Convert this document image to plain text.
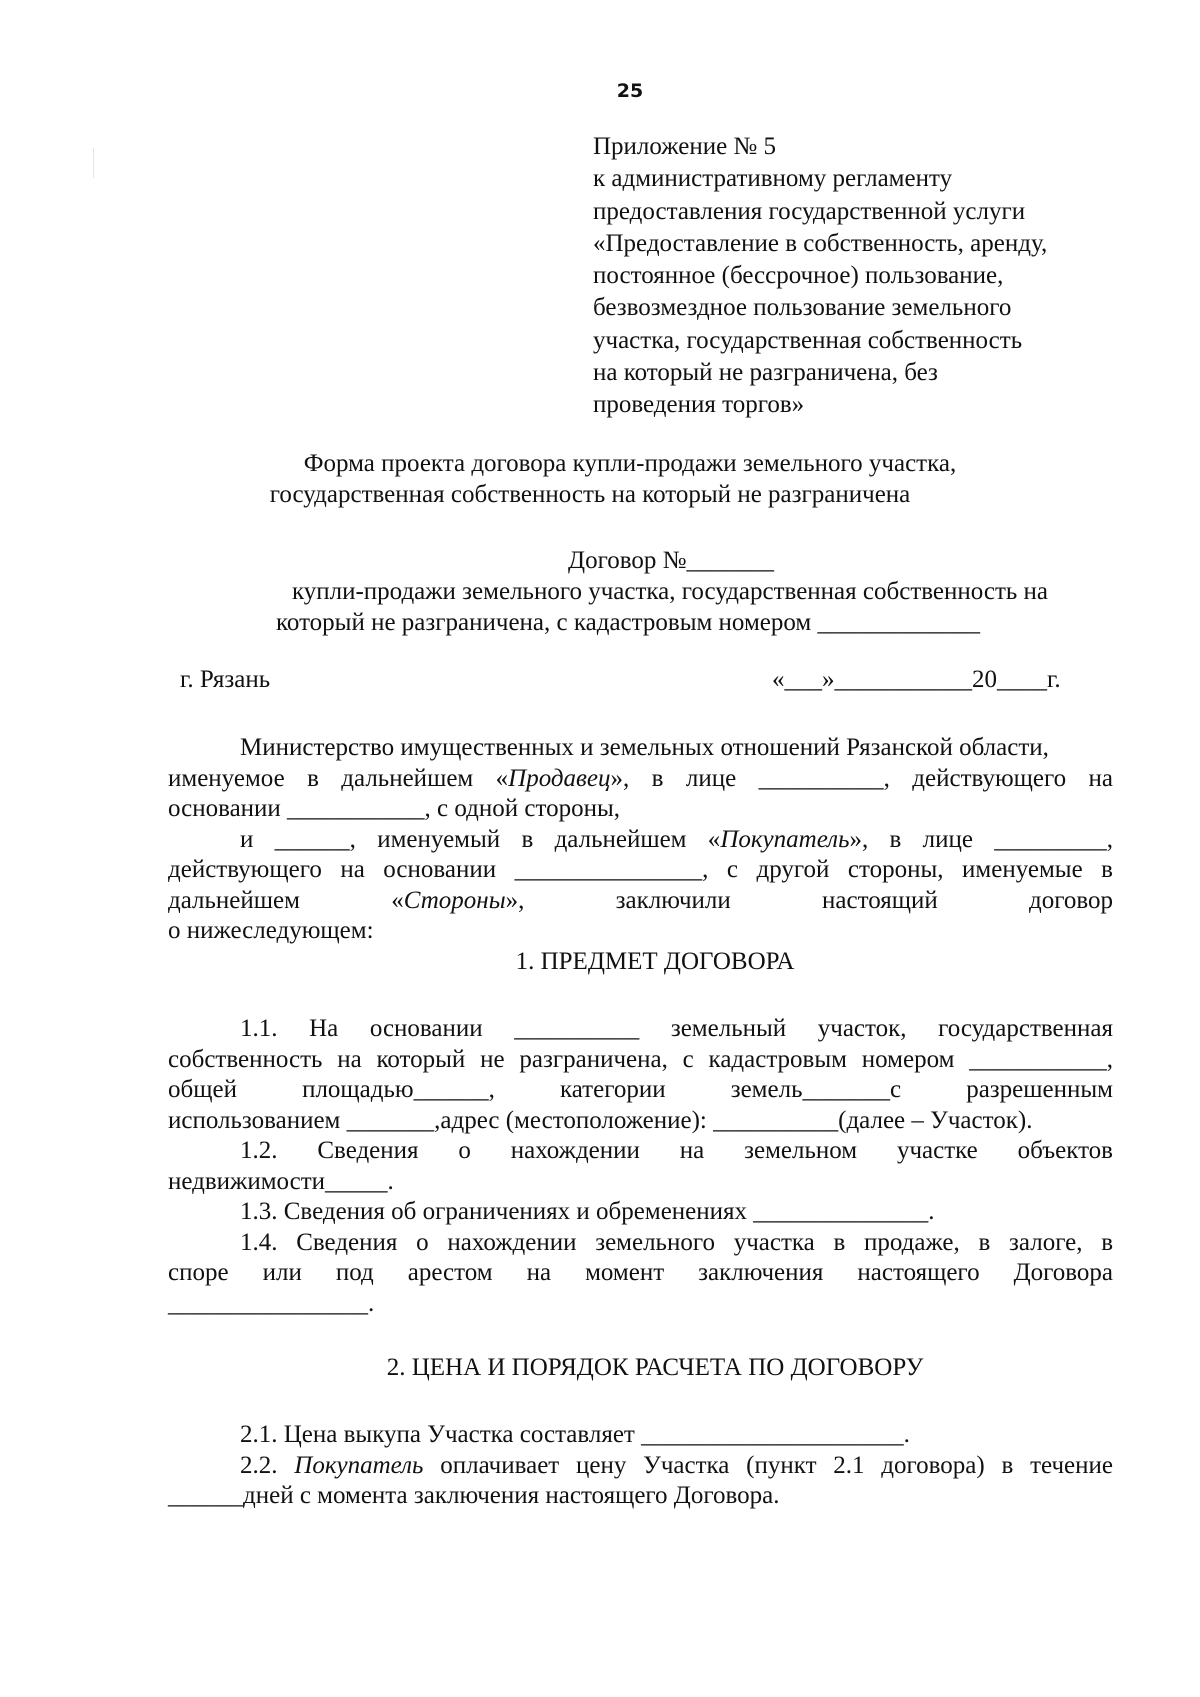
25
Приложение № 5
к административному регламенту
предоставления государственной услуги
«Предоставление в собственность, аренду,
постоянное (бессрочное) пользование,
безвозмездное пользование земельного
участка, государственная собственность
на который не разграничена, без
проведения торгов»
Форма проекта договора купли-продажи земельного участка,
государственная собственность на который не разграничена
Договор №_______
купли-продажи земельного участка, государственная собственность на
который не разграничена, с кадастровым номером _____________
г. Рязань	«___»___________20____г.
Министерство имущественных и земельных отношений Рязанской области,
именуемое в дальнейшем «Продавец», в лице __________, действующего на
основании ___________, с одной стороны,
и ______, именуемый в дальнейшем «Покупатель», в лице _________,
действующего на основании _______________, с другой стороны, именуемые в
дальнейшем «Стороны», заключили настоящий договор
о нижеследующем:
1. ПРЕДМЕТ ДОГОВОРА
1.1. На основании __________ земельный участок, государственная
собственность на который не разграничена, с кадастровым номером ___________,
общей площадью______, категории земель_______с разрешенным
использованием _______,адрес (местоположение): __________(далее – Участок).
1.2. Сведения о нахождении на земельном участке объектов
недвижимости_____.
1.3. Сведения об ограничениях и обременениях ______________.
1.4. Сведения о нахождении земельного участка в продаже, в залоге, в
споре или под арестом на момент заключения настоящего Договора
________________.
2. ЦЕНА И ПОРЯДОК РАСЧЕТА ПО ДОГОВОРУ
2.1. Цена выкупа Участка составляет _____________________.
2.2. Покупатель оплачивает цену Участка (пункт 2.1 договора) в течение
______дней с момента заключения настоящего Договора.
